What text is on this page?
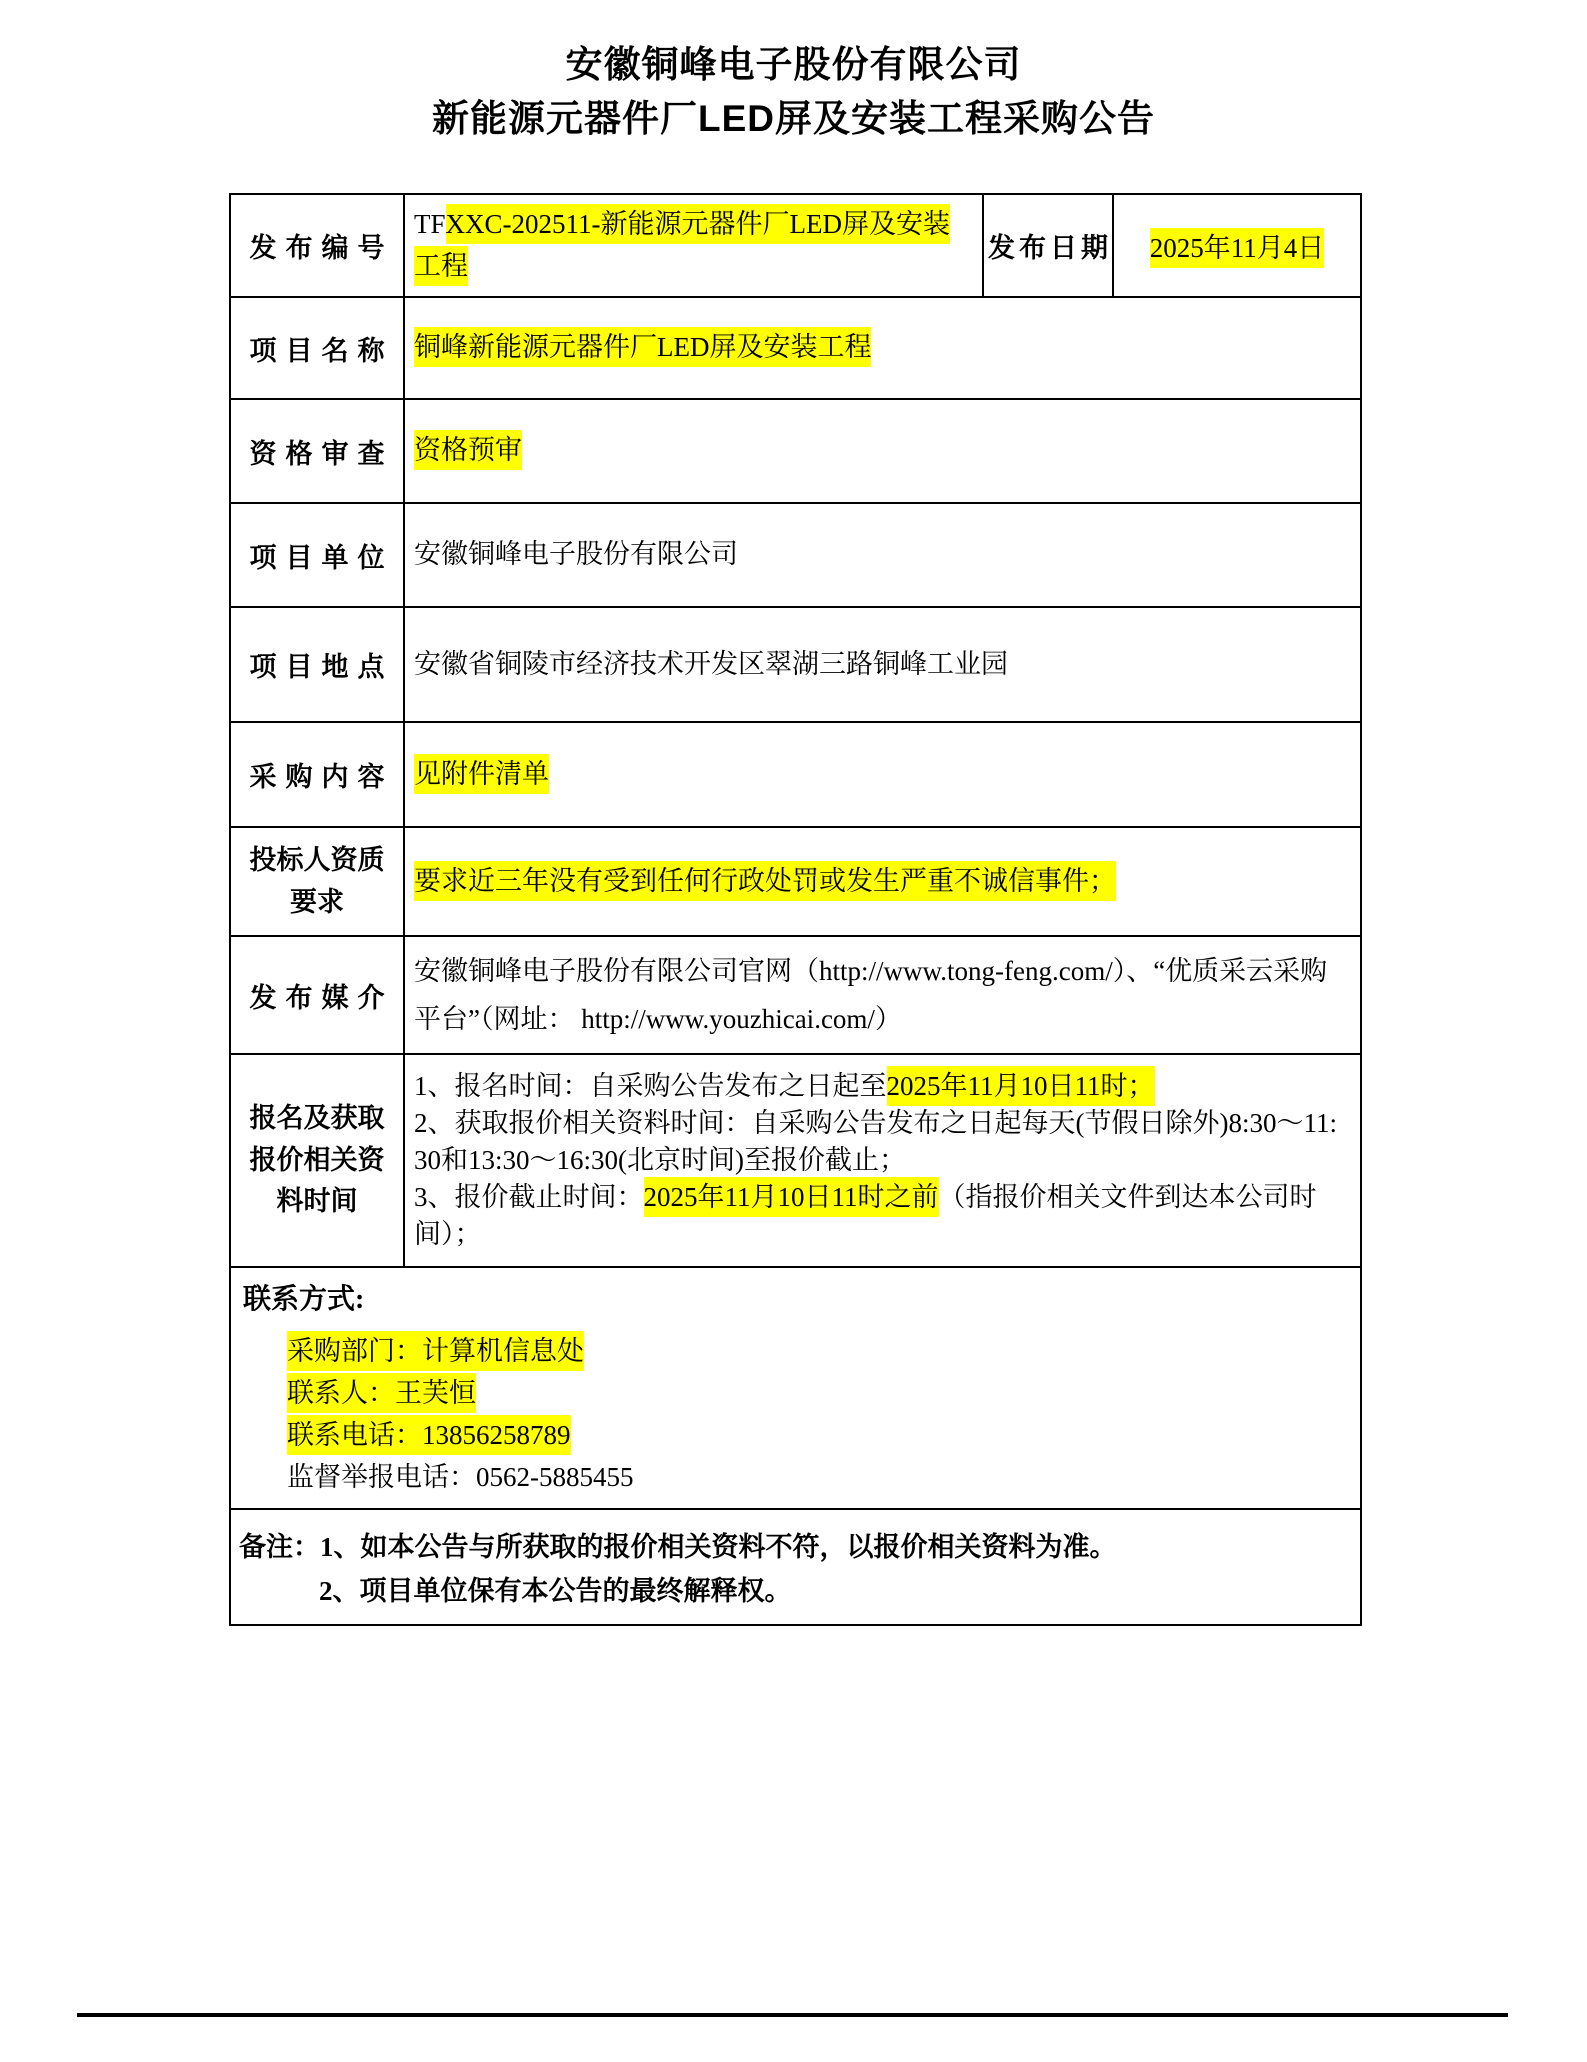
安徽铜峰电子股份有限公司
新能源元器件厂LED屏及安装工程采购公告
发布编号	TFXXC-202511-新能源元器件厂LED屏及安装工程	发布日期	2025年11月4日
项目名称	铜峰新能源元器件厂LED屏及安装工程		
资格审查	资格预审		
项目单位	安徽铜峰电子股份有限公司		
项目地点	安徽省铜陵市经济技术开发区翠湖三路铜峰工业园		
采购内容	见附件清单		

投标人资质要求	要求近三年没有受到任何行政处罚或发生严重不诚信事件；		
发布媒介	安徽铜峰电子股份有限公司官网（http://www.tong-feng.com/）、“优质采云采购平台”（网址： http://www.youzhicai.com/）		

报名及获取报价相关资料时间	1、报名时间：自采购公告发布之日起至2025年11月10日11时；
2、获取报价相关资料时间：自采购公告发布之日起每天(节假日除外)8:30～11:30和13:30～16:30(北京时间)至报价截止；
3、报价截止时间：2025年11月10日11时之前（指报价相关文件到达本公司时间）；		

联系方式:
采购部门：计算机信息处
联系人：王芙恒
联系电话：13856258789
监督举报电话：0562-5885455			

备注：1、如本公告与所获取的报价相关资料不符，以报价相关资料为准。
2、项目单位保有本公告的最终解释权。			
